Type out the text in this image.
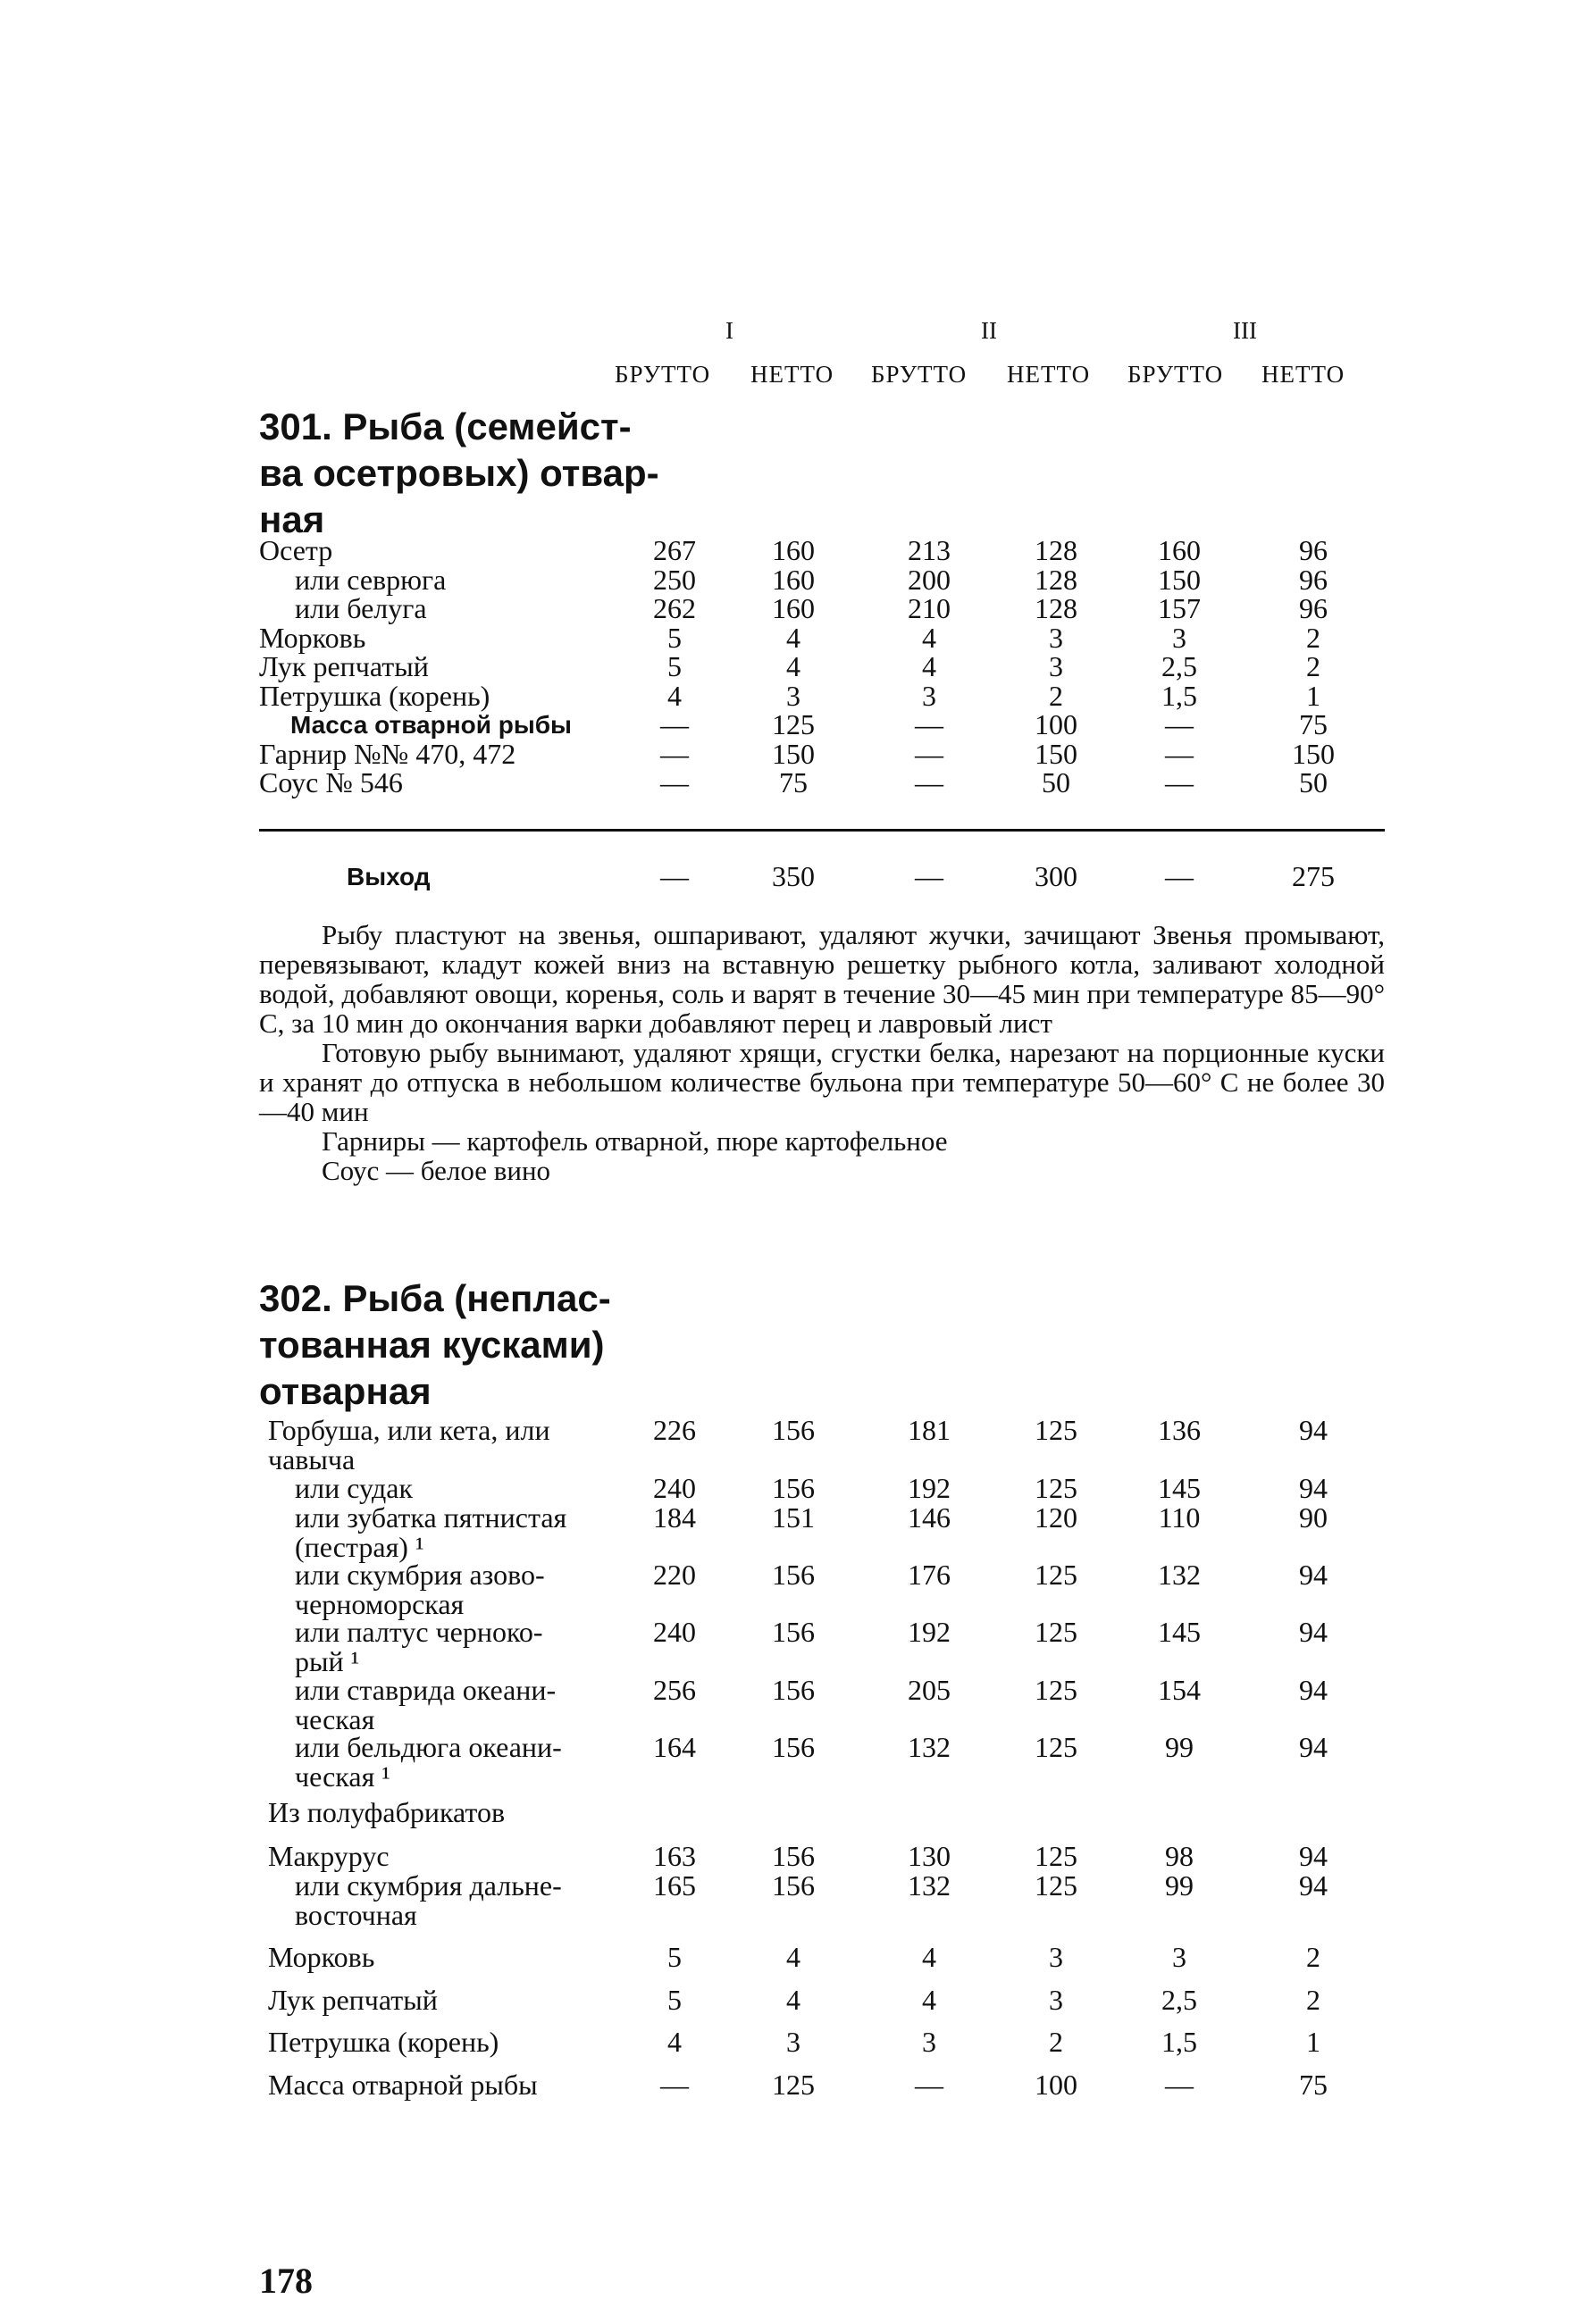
I	II	III
БРУТТО НЕТТО БРУТТО НЕТТО БРУТТО НЕТТО
301. Рыба (семейст-
ва осетровых) отвар-
ная
Осетр	267	160	213	128	160	96
или севрюга	250	160	200	128	150	96
или белуга	262	160	210	128	157	96
Морковь	5	4	4	3	3	2
Лук репчатый	5	4	4	3	2,5	2
Петрушка (корень)	4	3	3	2	1,5	1
Масса отварной рыбы	—	125	—	100	—	75
Гарнир №№ 470, 472	—	150	—	150	—	150
Соус № 546	—	75	—	50	—	50
Выход	—	350	—	300	—	275

Рыбу пластуют на звенья, ошпаривают, удаляют жучки, зачищают Звенья промывают, перевязывают, кладут кожей вниз на вставную решетку рыбного котла, заливают холодной водой, добавляют овощи, коренья, соль и варят в течение 30—45 мин при температуре 85—90° С, за 10 мин до окончания варки добавляют перец и лавровый лист

Готовую рыбу вынимают, удаляют хрящи, сгустки белка, нарезают на порционные куски и хранят до отпуска в небольшом количестве бульона при температуре 50—60° С не более 30—40 мин

Гарниры — картофель отварной, пюре картофельное

Соус — белое вино

302. Рыба (неплас-
тованная кусками)
отварная
Горбуша, или кета, или	226	156	181	125	136	94
чавыча
или судак	240	156	192	125	145	94
или зубатка пятнистая	184	151	146	120	110	90
(пестрая) ¹
или скумбрия азово-	220	156	176	125	132	94
черноморская
или палтус черноко-	240	156	192	125	145	94
рый ¹
или ставрида океани-	256	156	205	125	154	94
ческая
или бельдюга океани-	164	156	132	125	99	94
ческая ¹
Из полуфабрикатов
Макрурус	163	156	130	125	98	94
или скумбрия дальне-	165	156	132	125	99	94
восточная
Морковь	5	4	4	3	3	2
Лук репчатый	5	4	4	3	2,5	2
Петрушка (корень)	4	3	3	2	1,5	1
Масса отварной рыбы	—	125	—	100	—	75
178
